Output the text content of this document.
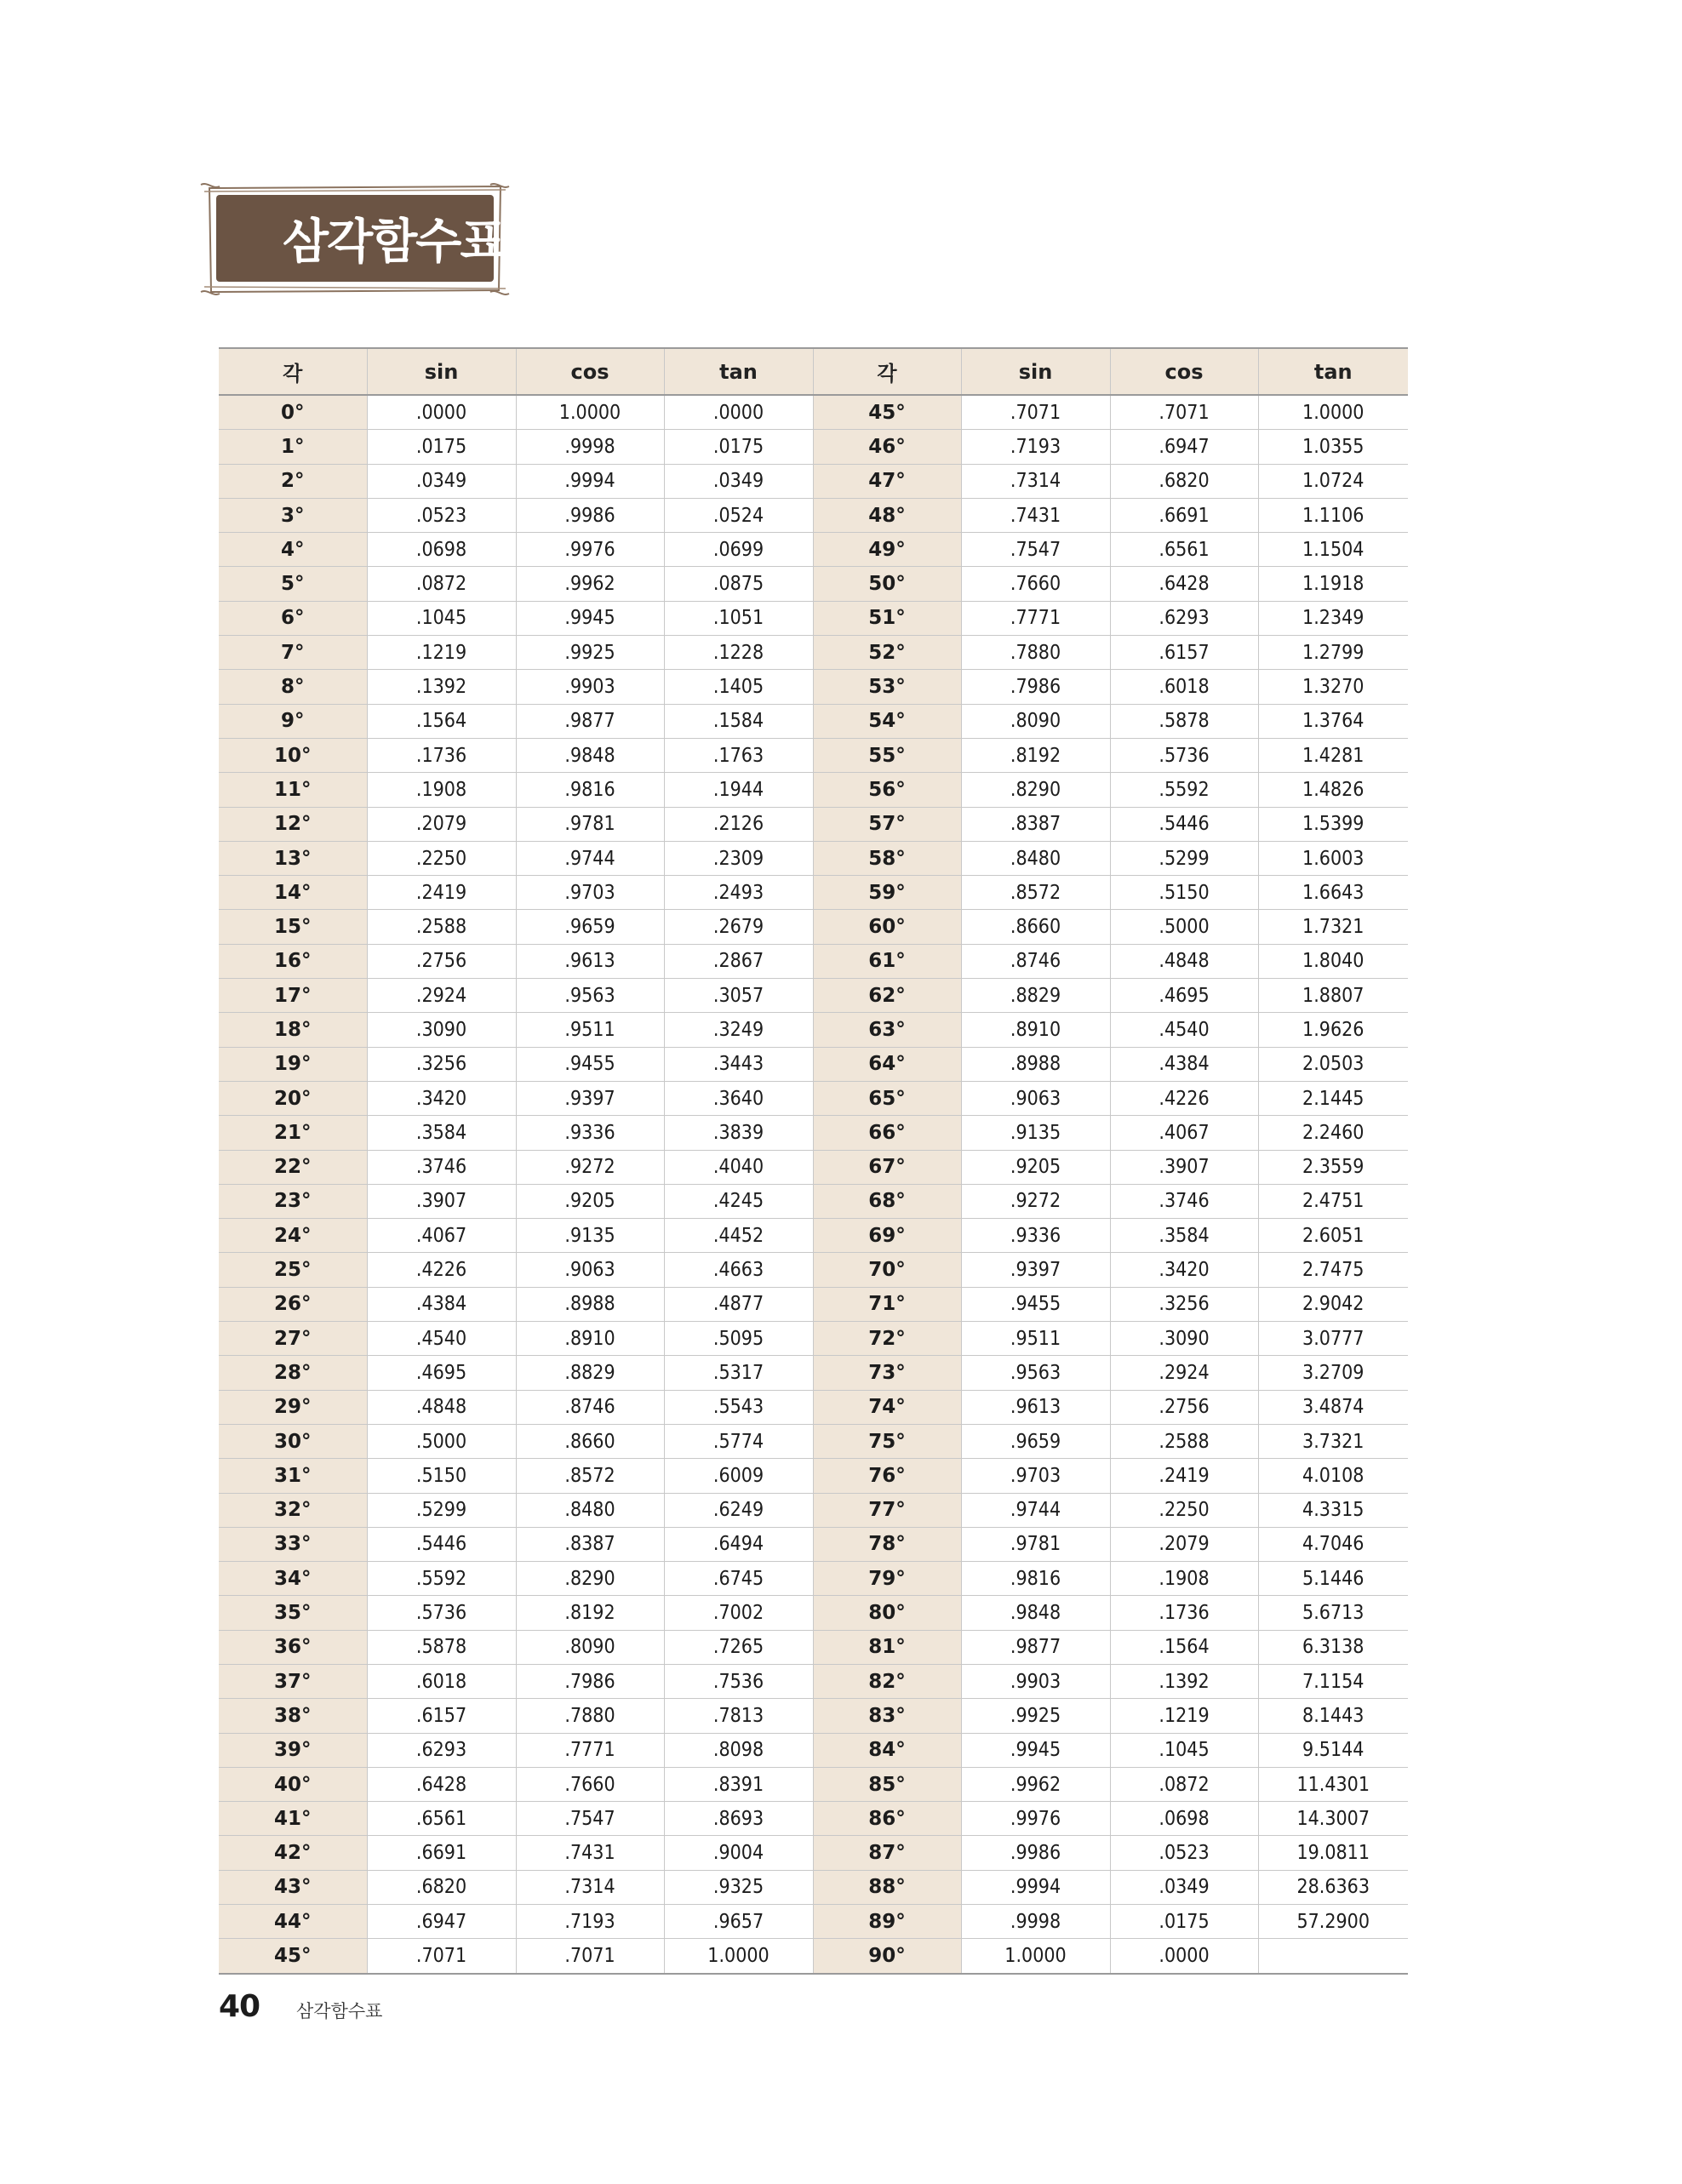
삼각함수표
각	sin	cos	tan	각	sin	cos	tan
0°	.0000	1.0000	.0000	45°	.7071	.7071	1.0000
1°	.0175	.9998	.0175	46°	.7193	.6947	1.0355
2°	.0349	.9994	.0349	47°	.7314	.6820	1.0724
3°	.0523	.9986	.0524	48°	.7431	.6691	1.1106
4°	.0698	.9976	.0699	49°	.7547	.6561	1.1504
5°	.0872	.9962	.0875	50°	.7660	.6428	1.1918
6°	.1045	.9945	.1051	51°	.7771	.6293	1.2349
7°	.1219	.9925	.1228	52°	.7880	.6157	1.2799
8°	.1392	.9903	.1405	53°	.7986	.6018	1.3270
9°	.1564	.9877	.1584	54°	.8090	.5878	1.3764
10°	.1736	.9848	.1763	55°	.8192	.5736	1.4281
11°	.1908	.9816	.1944	56°	.8290	.5592	1.4826
12°	.2079	.9781	.2126	57°	.8387	.5446	1.5399
13°	.2250	.9744	.2309	58°	.8480	.5299	1.6003
14°	.2419	.9703	.2493	59°	.8572	.5150	1.6643
15°	.2588	.9659	.2679	60°	.8660	.5000	1.7321
16°	.2756	.9613	.2867	61°	.8746	.4848	1.8040
17°	.2924	.9563	.3057	62°	.8829	.4695	1.8807
18°	.3090	.9511	.3249	63°	.8910	.4540	1.9626
19°	.3256	.9455	.3443	64°	.8988	.4384	2.0503
20°	.3420	.9397	.3640	65°	.9063	.4226	2.1445
21°	.3584	.9336	.3839	66°	.9135	.4067	2.2460
22°	.3746	.9272	.4040	67°	.9205	.3907	2.3559
23°	.3907	.9205	.4245	68°	.9272	.3746	2.4751
24°	.4067	.9135	.4452	69°	.9336	.3584	2.6051
25°	.4226	.9063	.4663	70°	.9397	.3420	2.7475
26°	.4384	.8988	.4877	71°	.9455	.3256	2.9042
27°	.4540	.8910	.5095	72°	.9511	.3090	3.0777
28°	.4695	.8829	.5317	73°	.9563	.2924	3.2709
29°	.4848	.8746	.5543	74°	.9613	.2756	3.4874
30°	.5000	.8660	.5774	75°	.9659	.2588	3.7321
31°	.5150	.8572	.6009	76°	.9703	.2419	4.0108
32°	.5299	.8480	.6249	77°	.9744	.2250	4.3315
33°	.5446	.8387	.6494	78°	.9781	.2079	4.7046
34°	.5592	.8290	.6745	79°	.9816	.1908	5.1446
35°	.5736	.8192	.7002	80°	.9848	.1736	5.6713
36°	.5878	.8090	.7265	81°	.9877	.1564	6.3138
37°	.6018	.7986	.7536	82°	.9903	.1392	7.1154
38°	.6157	.7880	.7813	83°	.9925	.1219	8.1443
39°	.6293	.7771	.8098	84°	.9945	.1045	9.5144
40°	.6428	.7660	.8391	85°	.9962	.0872	11.4301
41°	.6561	.7547	.8693	86°	.9976	.0698	14.3007
42°	.6691	.7431	.9004	87°	.9986	.0523	19.0811
43°	.6820	.7314	.9325	88°	.9994	.0349	28.6363
44°	.6947	.7193	.9657	89°	.9998	.0175	57.2900
45°	.7071	.7071	1.0000	90°	1.0000	.0000	
40 삼각함수표
